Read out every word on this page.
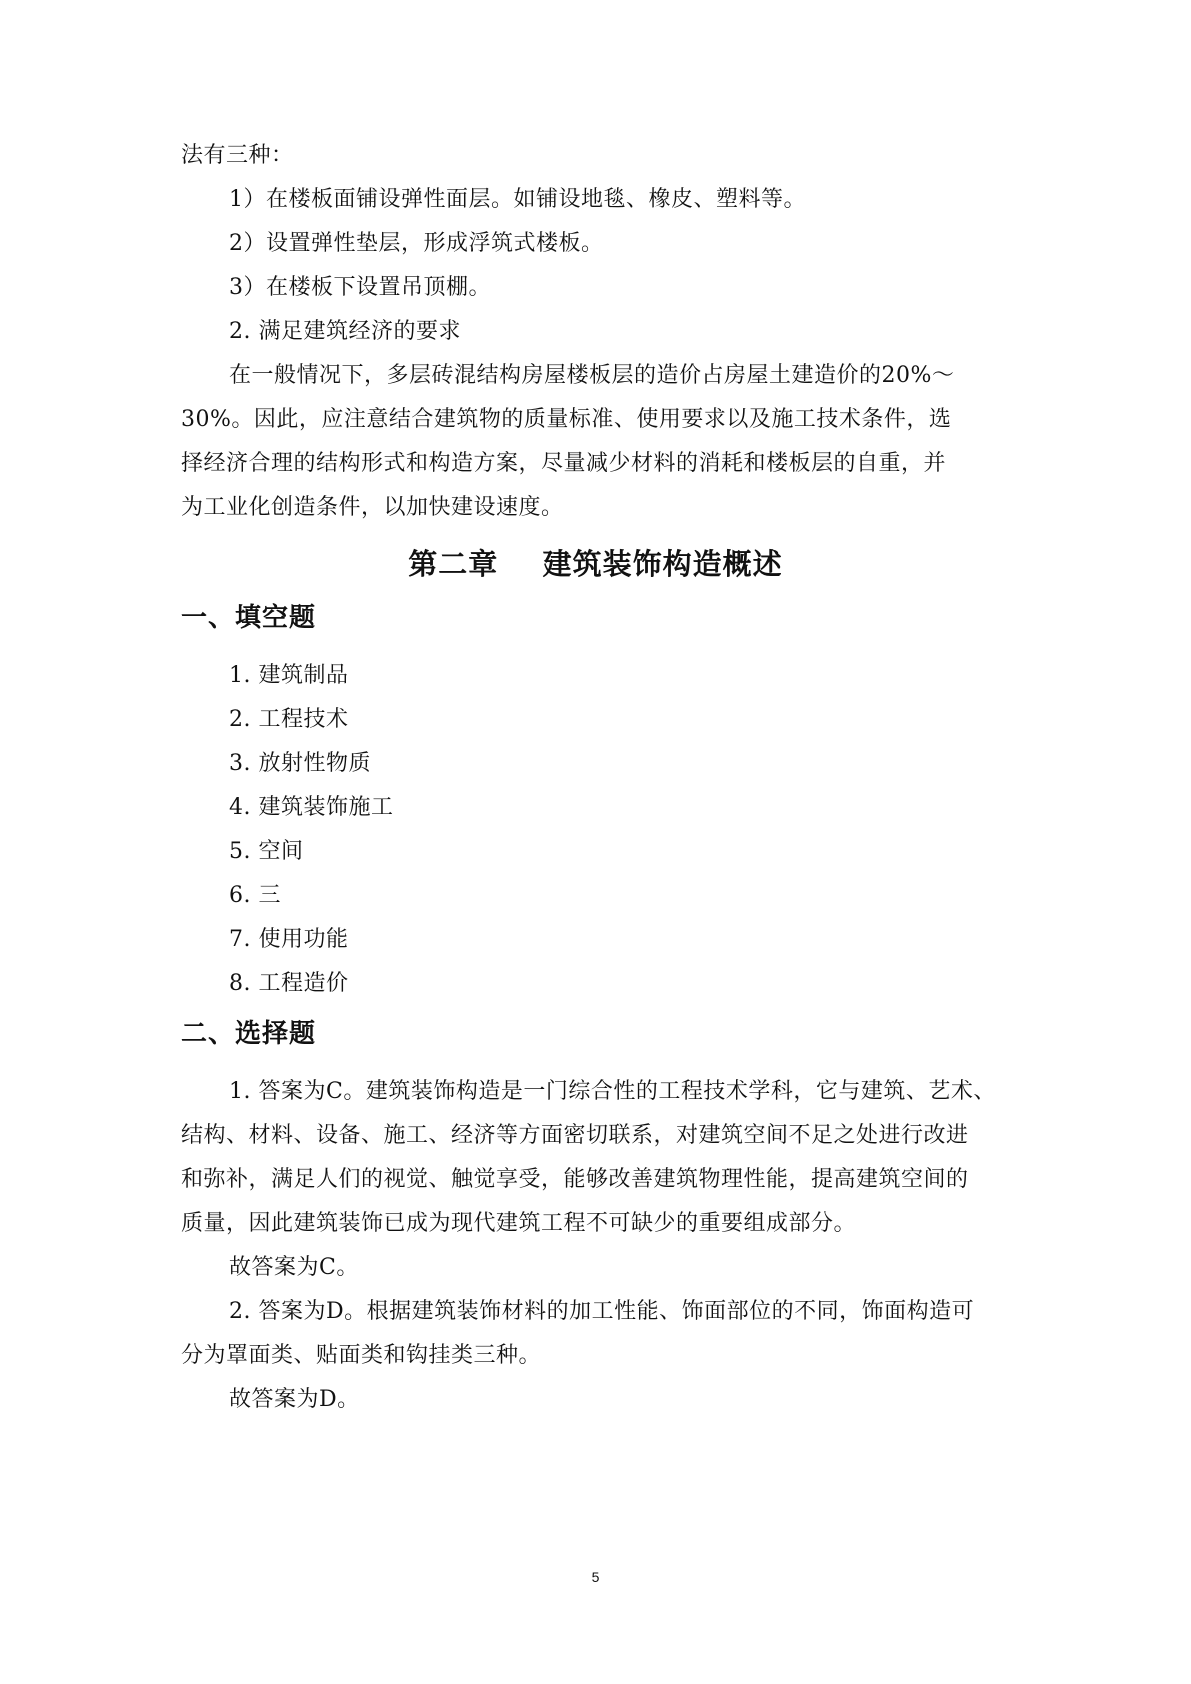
法有三种：
1）在楼板面铺设弹性面层。如铺设地毯、橡皮、塑料等。
2）设置弹性垫层，形成浮筑式楼板。
3）在楼板下设置吊顶棚。
2. 满足建筑经济的要求
在一般情况下，多层砖混结构房屋楼板层的造价占房屋土建造价的20%～
30%。因此，应注意结合建筑物的质量标准、使用要求以及施工技术条件，选
择经济合理的结构形式和构造方案，尽量减少材料的消耗和楼板层的自重，并
为工业化创造条件，以加快建设速度。
第二章    建筑装饰构造概述
一、填空题
1. 建筑制品
2. 工程技术
3. 放射性物质
4. 建筑装饰施工
5. 空间
6. 三
7. 使用功能
8. 工程造价
二、选择题
1. 答案为C。建筑装饰构造是一门综合性的工程技术学科，它与建筑、艺术、
结构、材料、设备、施工、经济等方面密切联系，对建筑空间不足之处进行改进
和弥补，满足人们的视觉、触觉享受，能够改善建筑物理性能，提高建筑空间的
质量，因此建筑装饰已成为现代建筑工程不可缺少的重要组成部分。
故答案为C。
2. 答案为D。根据建筑装饰材料的加工性能、饰面部位的不同，饰面构造可
分为罩面类、贴面类和钩挂类三种。
故答案为D。
5
